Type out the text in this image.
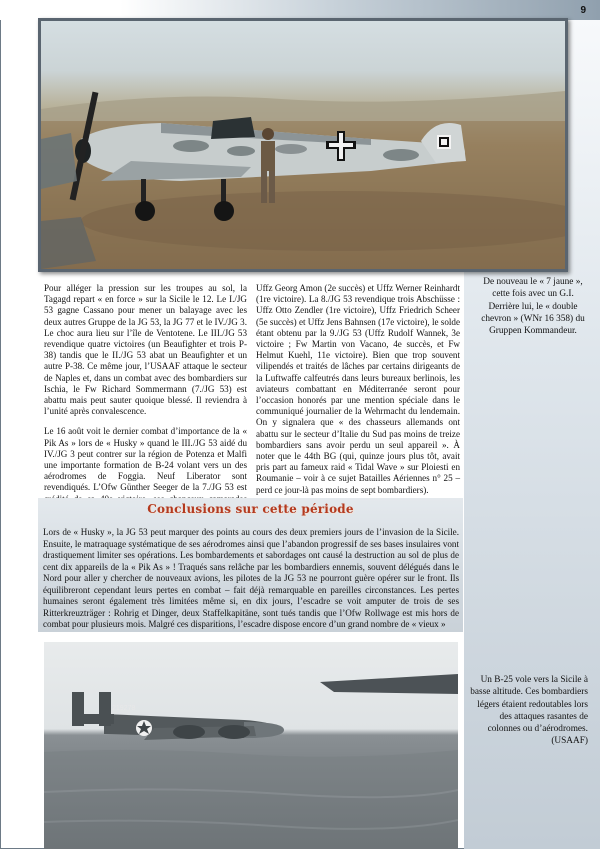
9

Pour alléger la pression sur les troupes au sol, la Tagagd repart « en force » sur la Sicile le 12. Le I./JG 53 gagne Cassano pour mener un balayage avec les deux autres Gruppe de la JG 53, la JG 77 et le IV./JG 3. Le choc aura lieu sur l’île de Ventotene. Le III./JG 53 revendique quatre victoires (un Beaufighter et trois P-38) tandis que le II./JG 53 abat un Beaufighter et un autre P-38. Ce même jour, l’USAAF attaque le secteur de Naples et, dans un combat avec des bombardiers sur Ischia, le Fw Richard Sommermann (7./JG 53) est abattu mais peut sauter quoique blessé. Il reviendra à l’unité après convalescence.

Le 16 août voit le dernier combat d’importance de la « Pik As » lors de « Husky » quand le III./JG 53 aidé du IV./JG 3 peut contrer sur la région de Potenza et Malfi une importante formation de B-24 volant vers un des aérodromes de Foggia. Neuf Liberator sont revendiqués. L’Ofw Günther Seeger de la 7./JG 53 est

Uffz Georg Amon (2e succès) et Uffz Werner Reinhardt (1re victoire). La 8./JG 53 revendique trois Abschüsse : Uffz Otto Zendler (1re victoire), Uffz Friedrich Scheer (5e succès) et Uffz Jens Bahnsen (17e victoire), le solde étant obtenu par la 9./JG 53 (Uffz Rudolf Wannek, 3e victoire ; Fw Martin von Vacano, 4e succès, et Fw Helmut Kuehl, 11e victoire). Bien que trop souvent vilipendés et traités de lâches par certains dirigeants de la Luftwaffe calfeutrés dans leurs bureaux berlinois, les aviateurs combattant en Méditerranée seront pour l’occasion honorés par une mention spéciale dans le communiqué journalier de la Wehrmacht du lendemain. On y signalera que « des chasseurs allemands ont abattu sur le secteur d’Italie du Sud pas moins de treize bombardiers sans avoir perdu un seul appareil ». À noter que le 44th BG (qui, quinze jours plus tôt, avait pris part au fameux raid « Tidal Wave » sur Ploiesti en Roumanie – voir à ce sujet Batailles Aériennes n° 25 – perd ce jour-là pas moins de sept bombardiers).

De nouveau le « 7 jaune », cette fois avec un G.I. Derrière lui, le « double chevron » (WNr 16 358) du Gruppen Kommandeur.
Conclusions sur cette période
Lors de « Husky », la JG 53 peut marquer des points au cours des deux premiers jours de l’invasion de la Sicile. Ensuite, le matraquage systématique de ses aérodromes ainsi que l’abandon progressif de ses bases insulaires vont drastiquement limiter ses opérations. Les bombardements et sabordages ont causé la destruction au sol de plus de cent dix appareils de la « Pik As » ! Traqués sans relâche par les bombardiers ennemis, souvent délégués dans le Nord pour aller y chercher de nouveaux avions, les pilotes de la JG 53 ne pourront guère opérer sur le front. Ils équilibreront cependant leurs pertes en combat – fait déjà remarquable en pareilles circonstances. Les pertes humaines seront également très limitées même si, en dix jours, l’escadre se voit amputer de trois de ses Ritterkreuzträger : Rohrig et Dinger, deux Staffelkapitäne, sont tués tandis que l’Ofw Rollwage est mis hors de combat pour plusieurs mois. Malgré ces disparitions, l’escadre dispose encore d’un grand nombre de « vieux »
219278
Un B-25 vole vers la Sicile à basse altitude. Ces bombardiers légers étaient redoutables lors des attaques rasantes de colonnes ou d’aérodromes. (USAAF)
